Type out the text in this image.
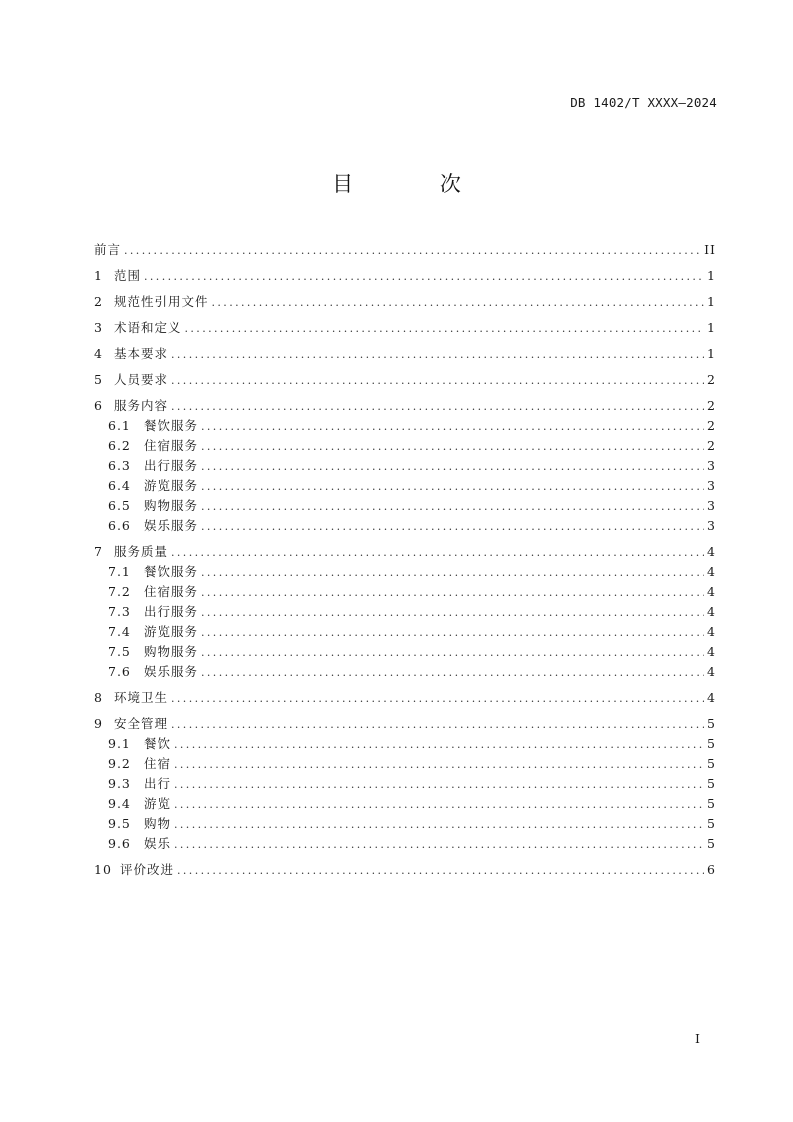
DB 1402/T XXXX—2024
目 次
前言 .....	II
1 范围 .....	1
2 规范性引用文件 .....	1
3 术语和定义 .....	1
4 基本要求 .....	1
5 人员要求 .....	2
6 服务内容 .....	2
6.1	餐饮服务 .....	2
6.2	住宿服务 .....	2
6.3	出行服务 .....	3
6.4	游览服务 .....	3
6.5	购物服务 .....	3
6.6	娱乐服务 .....	3
7 服务质量 .....	4
7.1	餐饮服务 .....	4
7.2	住宿服务 .....	4
7.3	出行服务 .....	4
7.4	游览服务 .....	4
7.5	购物服务 .....	4
7.6	娱乐服务 .....	4
8 环境卫生 .....	4
9 安全管理 .....	5
9.1	餐饮 .....	5
9.2	住宿 .....	5
9.3	出行 .....	5
9.4	游览 .....	5
9.5	购物 .....	5
9.6	娱乐 .....	5
10 评价改进 .....	6
I
